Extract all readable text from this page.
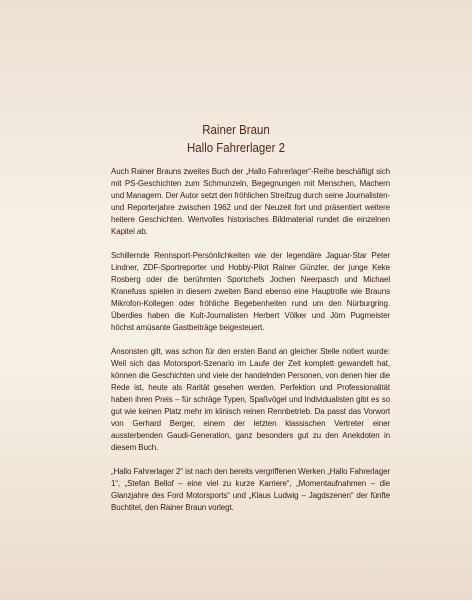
Rainer Braun
Hallo Fahrerlager 2

Auch Rainer Brauns zweites Buch der „Hallo Fahrerlager“-Reihe beschäftigt sich mit PS-Geschichten zum Schmunzeln, Begegnungen mit Menschen, Machern und Managern. Der Autor setzt den fröhlichen Streifzug durch seine Journalisten- und Reporterjahre zwischen 1962 und der Neuzeit fort und präsentiert weitere heitere Geschichten. Wertvolles historisches Bildmaterial rundet die einzelnen Kapitel ab.

Schillernde Rennsport-Persönlichkeiten wie der legendäre Jaguar-Star Peter Lindner, ZDF-Sportreporter und Hobby-Pilot Rainer Günzler, der junge Keke Rosberg oder die berühmten Sportchefs Jochen Neerpasch und Michael Kranefuss spielen in diesem zweiten Band ebenso eine Hauptrolle wie Brauns Mikrofon-Kollegen oder fröhliche Begebenheiten rund um den Nürburgring. Überdies haben die Kult-Journalisten Herbert Völker und Jörn Pugmeister höchst amüsante Gastbeiträge beigesteuert.

Ansonsten gilt, was schon für den ersten Band an gleicher Stelle notiert wurde: Weil sich das Motorsport-Szenario im Laufe der Zeit komplett gewandelt hat, können die Geschichten und viele der handelnden Personen, von denen hier die Rede ist, heute als Rarität gesehen werden. Perfektion und Professionalität haben ihren Preis – für schräge Typen, Spaßvögel und Individualisten gibt es so gut wie keinen Platz mehr im klinisch reinen Rennbetrieb. Da passt das Vorwort von Gerhard Berger, einem der letzten klassischen Vertreter einer aussterbenden Gaudi-Generation, ganz besonders gut zu den Anekdoten in diesem Buch.

„Hallo Fahrerlager 2“ ist nach den bereits vergriffenen Werken „Hallo Fahrerlager 1“, „Stefan Bellof – eine viel zu kurze Karriere“, „Momentaufnahmen – die Glanzjahre des Ford Motorsports“ und „Klaus Ludwig – Jagdszenen“ der fünfte Buchtitel, den Rainer Braun vorlegt.
